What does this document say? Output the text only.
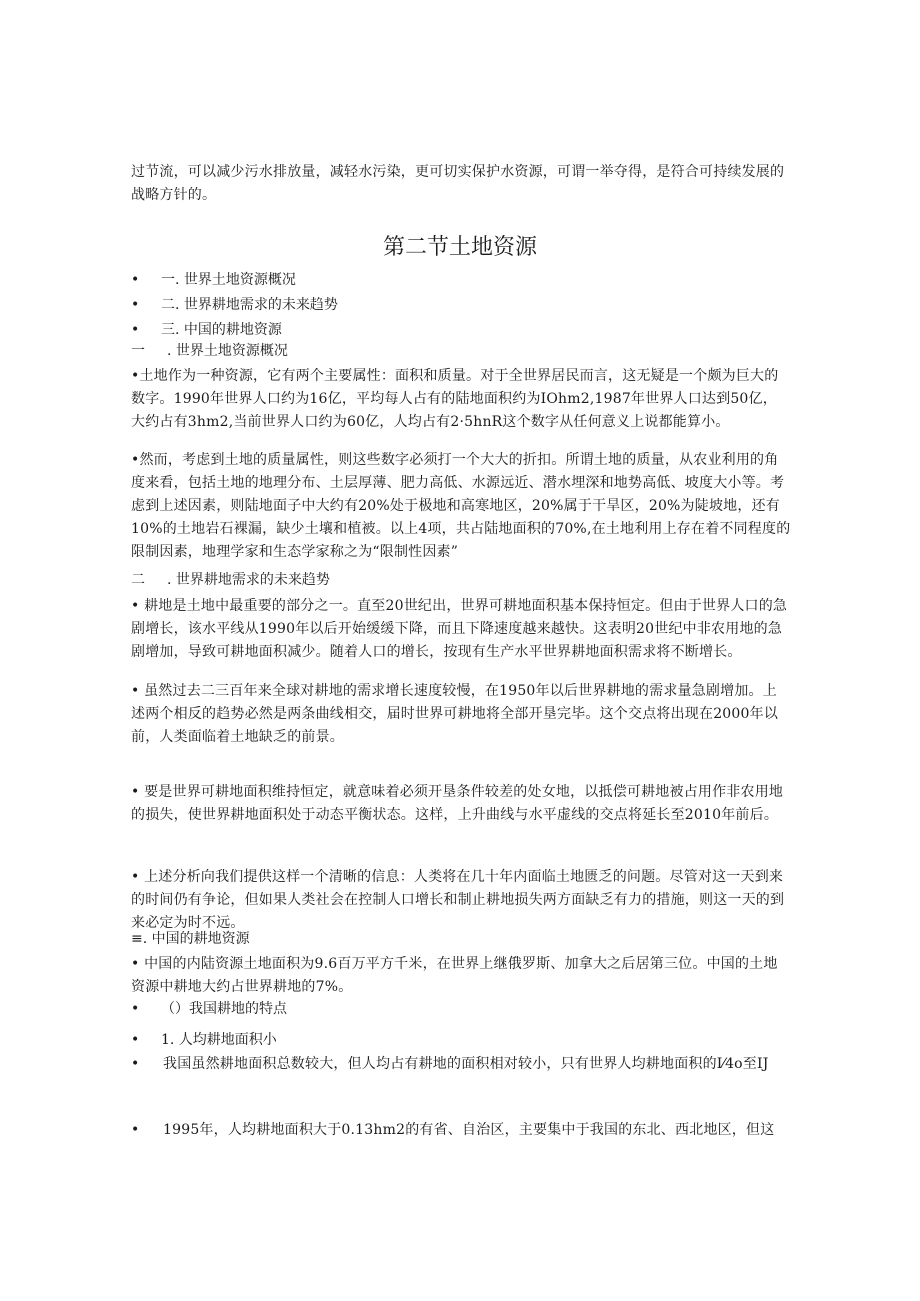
过节流，可以减少污水排放量，减轻水污染，更可切实保护水资源，可谓一举夺得，是符合可持续发展的战略方针的。

第二节土地资源

• 一. 世界土地资源概况

• 二. 世界耕地需求的未来趋势

• 三. 中国的耕地资源

一 . 世界土地资源概况

•土地作为一种资源，它有两个主要属性：面积和质量。对于全世界居民而言，这无疑是一个颇为巨大的数字。1990年世界人口约为16亿，平均每人占有的陆地面积约为IOhm2,1987年世界人口达到50亿，大约占有3hm2,当前世界人口约为60亿，人均占有2·5hnR这个数字从任何意义上说都能算小。

•然而，考虑到土地的质量属性，则这些数字必须打一个大大的折扣。所谓土地的质量，从农业利用的角度来看，包括土地的地理分布、土层厚薄、肥力高低、水源远近、潜水埋深和地势高低、坡度大小等。考虑到上述因素，则陆地面子中大约有20%处于极地和高寒地区，20%属于干旱区，20%为陡坡地，还有10%的土地岩石裸漏，缺少土壤和植被。以上4项，共占陆地面积的70%,在土地利用上存在着不同程度的限制因素，地理学家和生态学家称之为“限制性因素”

二 . 世界耕地需求的未来趋势

• 耕地是土地中最重要的部分之一。直至20世纪出，世界可耕地面积基本保持恒定。但由于世界人口的急剧增长，该水平线从1990年以后开始缓缓下降，而且下降速度越来越快。这表明20世纪中非农用地的急剧增加，导致可耕地面积减少。随着人口的增长，按现有生产水平世界耕地面积需求将不断增长。

• 虽然过去二三百年来全球对耕地的需求增长速度较慢，在1950年以后世界耕地的需求量急剧增加。上述两个相反的趋势必然是两条曲线相交，届时世界可耕地将全部开垦完毕。这个交点将出现在2000年以前，人类面临着土地缺乏的前景。

• 要是世界可耕地面积维持恒定，就意味着必须开垦条件较差的处女地，以抵偿可耕地被占用作非农用地的损失，使世界耕地面积处于动态平衡状态。这样，上升曲线与水平虚线的交点将延长至2010年前后。

• 上述分析向我们提供这样一个清晰的信息：人类将在几十年内面临土地匮乏的问题。尽管对这一天到来的时间仍有争论，但如果人类社会在控制人口增长和制止耕地损失两方面缺乏有力的措施，则这一天的到来必定为时不远。

≡. 中国的耕地资源

• 中国的内陆资源土地面积为9.6百万平方千米，在世界上继俄罗斯、加拿大之后居第三位。中国的土地资源中耕地大约占世界耕地的7%。

• （）我国耕地的特点

• 1. 人均耕地面积小

• 我国虽然耕地面积总数较大，但人均占有耕地的面积相对较小，只有世界人均耕地面积的I⁄4o至IJ

• 1995年，人均耕地面积大于0.13hm2的有省、自治区，主要集中于我国的东北、西北地区，但这
